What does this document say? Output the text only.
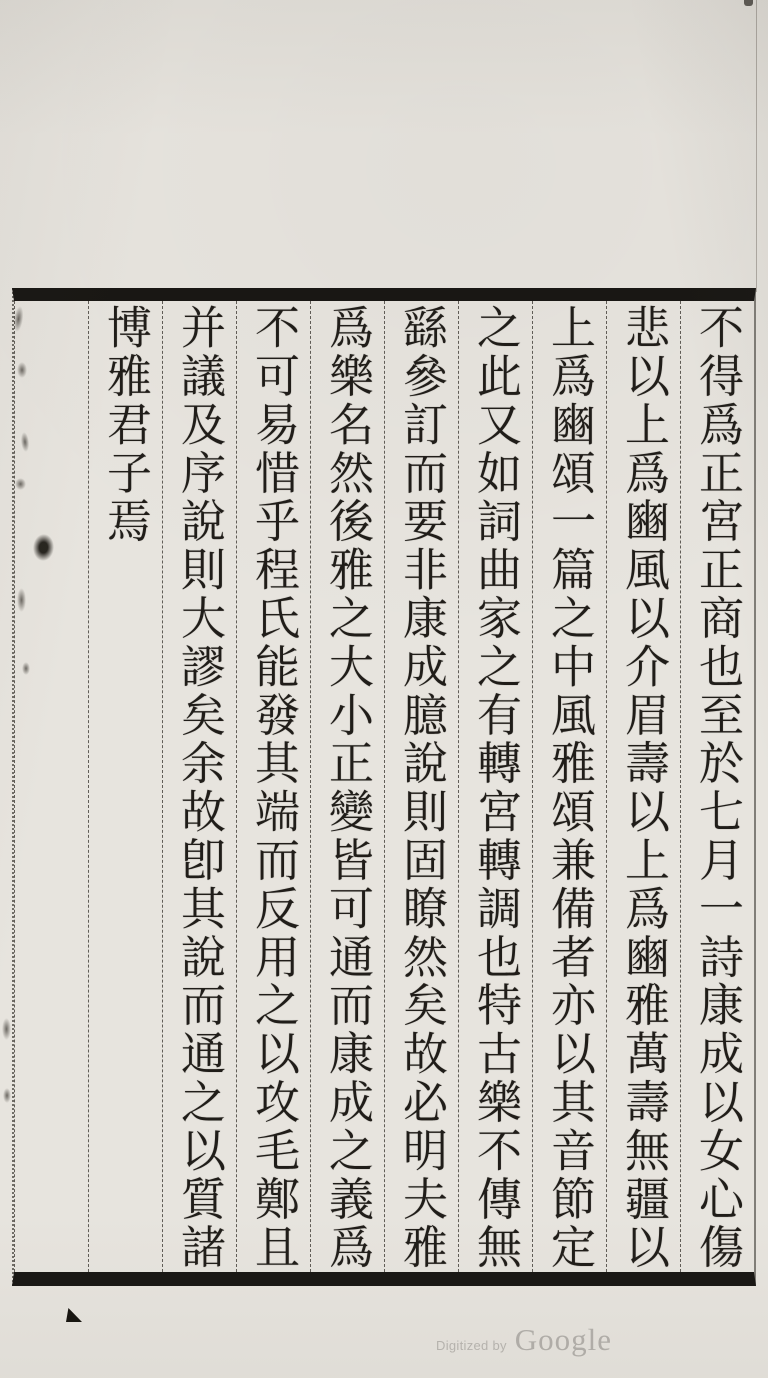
不得爲正宮正商也至於七月一詩康成以女心傷
悲以上爲豳風以介眉壽以上爲豳雅萬壽無疆以
上爲豳頌一篇之中風雅頌兼備者亦以其音節定
之此又如詞曲家之有轉宮轉調也特古樂不傳無
繇參訂而要非康成臆說則固瞭然矣故必明夫雅
爲樂名然後雅之大小正變皆可通而康成之義爲
不可易惜乎程氏能發其端而反用之以攻毛鄭且
并議及序說則大謬矣余故卽其說而通之以質諸
博雅君子焉
Digitized by Google
